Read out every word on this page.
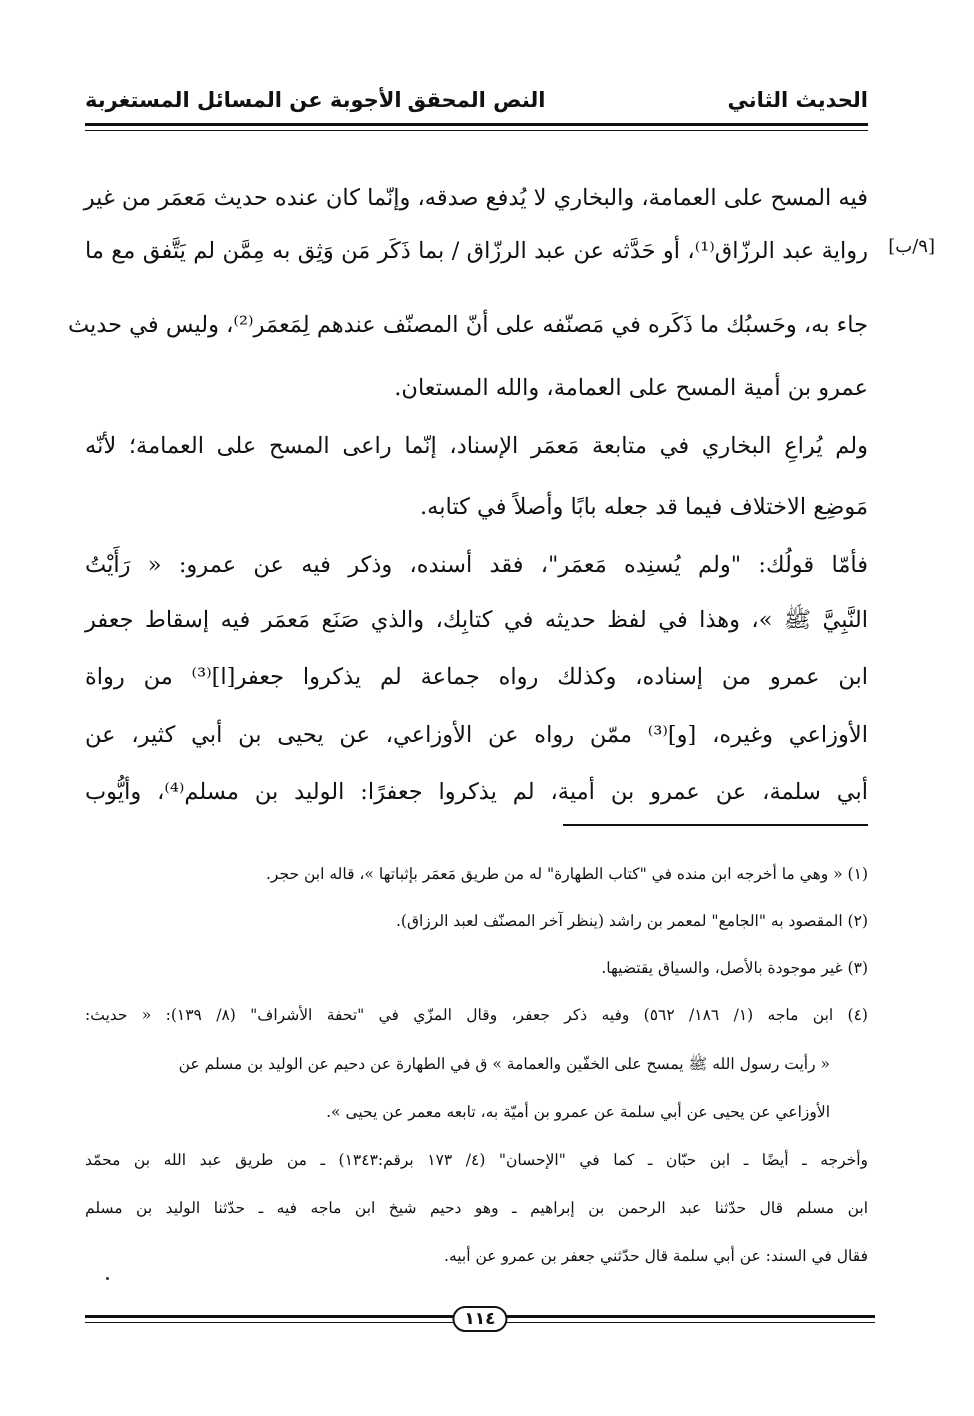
الحديث الثاني
النص المحقق
الأجوبة عن المسائل المستغربة
[٩/ب]
فيه المسح على العمامة، والبخاري لا يُدفع صدقه، وإنّما كان عنده حديث مَعمَر من غير
رواية عبد الرزّاق⁽¹⁾، أو حَدَّثه عن عبد الرزّاق / بما ذَكَر مَن وَثِق به مِمَّن لم يَتَّفق مع ما
جاء به، وحَسبُك ما ذَكَره في مَصنّفه على أنّ المصنّف عندهم لِمَعمَر⁽²⁾، وليس في حديث
عمرو بن أمية المسح على العمامة، والله المستعان.
ولم يُراعِ البخاري في متابعة مَعمَر الإسناد، إنّما راعى المسح على العمامة؛ لأنّه
مَوضِع الاختلاف فيما قد جعله بابًا وأصلاً في كتابه.
فأمّا قولُك: "ولم يُسنِده مَعمَر"، فقد أسنده، وذكر فيه عن عمرو: « رَأَيْتُ
النَّبِيَّ ﷺ »، وهذا في لفظ حديثه في كتابِك، والذي صَنَع مَعمَر فيه إسقاط جعفر
ابن عمرو من إسناده، وكذلك رواه جماعة لم يذكروا جعفر[ا]⁽³⁾ من رواة
الأوزاعي وغيره، [و]⁽³⁾ ممّن رواه عن الأوزاعي، عن يحيى بن أبي كثير، عن
أبي سلمة، عن عمرو بن أمية، لم يذكروا جعفرًا: الوليد بن مسلم⁽⁴⁾، وأيُّوب
(١) « وهي ما أخرجه ابن منده في "كتاب الطهارة" له من طريق مَعمَر بإثباتها »، قاله ابن حجر.
(٢) المقصود به "الجامع" لمعمر بن راشد (ينظر آخر المصنّف لعبد الرزاق).
(٣) غير موجودة بالأصل، والسياق يقتضيها.
(٤) ابن ماجه (١/ ١٨٦/ ٥٦٢) وفيه ذكر جعفر، وقال المزّي في "تحفة الأشراف" (٨/ ١٣٩): « حديث:
« رأيت رسول الله ﷺ يمسح على الخفّين والعمامة » ق في الطهارة عن دحيم عن الوليد بن مسلم عن
الأوزاعي عن يحيى عن أبي سلمة عن عمرو بن أميّة به، تابعه معمر عن يحيى ».
وأخرجه ـ أيضًا ـ ابن حبّان ـ كما في "الإحسان" (٤/ ١٧٣ برقم:١٣٤٣) ـ من طريق عبد الله بن محمّد
ابن مسلم قال حدّثنا عبد الرحمن بن إبراهيم ـ وهو دحيم شيخ ابن ماجه فيه ـ حدّثنا الوليد بن مسلم
فقال في السند: عن أبي سلمة قال حدّثني جعفر بن عمرو عن أبيه.
١١٤
